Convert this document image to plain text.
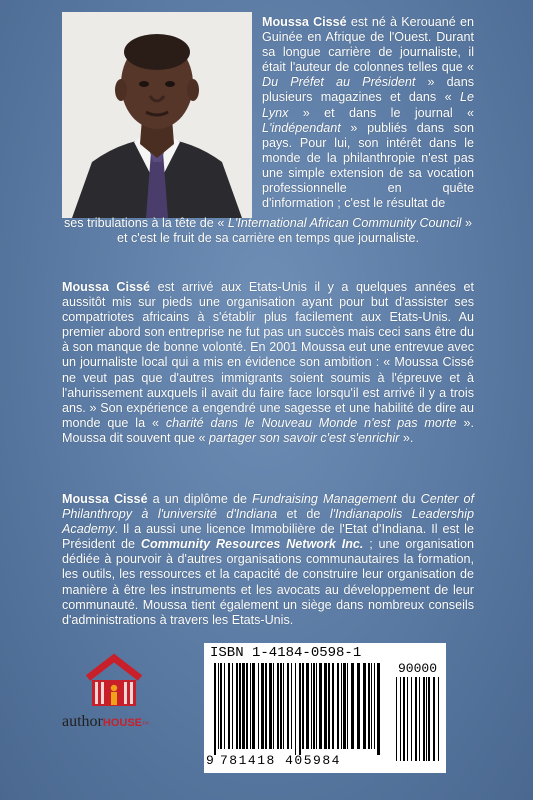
Moussa Cissé est né à Kerouané en Guinée en Afrique de l'Ouest. Durant sa longue carrière de journaliste, il était l'auteur de colonnes telles que « Du Préfet au Président » dans plusieurs magazines et dans « Le Lynx » et dans le journal « L'indépendant » publiés dans son pays. Pour lui, son intérêt dans le monde de la philanthropie n'est pas une simple extension de sa vocation professionnelle en quête d'information ; c'est le résultat de

ses tribulations à la tête de « L'International African Community Council » et c'est le fruit de sa carrière en temps que journaliste.

Moussa Cissé est arrivé aux Etats-Unis il y a quelques années et aussitôt mis sur pieds une organisation ayant pour but d'assister ses compatriotes africains à s'établir plus facilement aux Etats-Unis. Au premier abord son entreprise ne fut pas un succès mais ceci sans être du à son manque de bonne volonté. En 2001 Moussa eut une entrevue avec un journaliste local qui a mis en évidence son ambition : « Moussa Cissé ne veut pas que d'autres immigrants soient soumis à l'épreuve et à l'ahurissement auxquels il avait du faire face lorsqu'il est arrivé il y a trois ans. » Son expérience a engendré une sagesse et une habilité de dire au monde que la « charité dans le Nouveau Monde n'est pas morte ». Moussa dit souvent que « partager son savoir c'est s'enrichir ».

Moussa Cissé a un diplôme de Fundraising Management du Center of Philanthropy à l'université d'Indiana et de l'Indianapolis Leadership Academy. Il a aussi une licence Immobilière de l'Etat d'Indiana. Il est le Président de Community Resources Network Inc. ; une organisation dédiée à pourvoir à d'autres organisations communautaires la formation, les outils, les ressources et la capacité de construire leur organisation de manière à être les instruments et les avocats au développement de leur communauté. Moussa tient également un siège dans nombreux conseils d'administrations à travers les Etats-Unis.

authorHOUSE™
ISBN 1-4184-0598-1
90000
9 781418 405984
